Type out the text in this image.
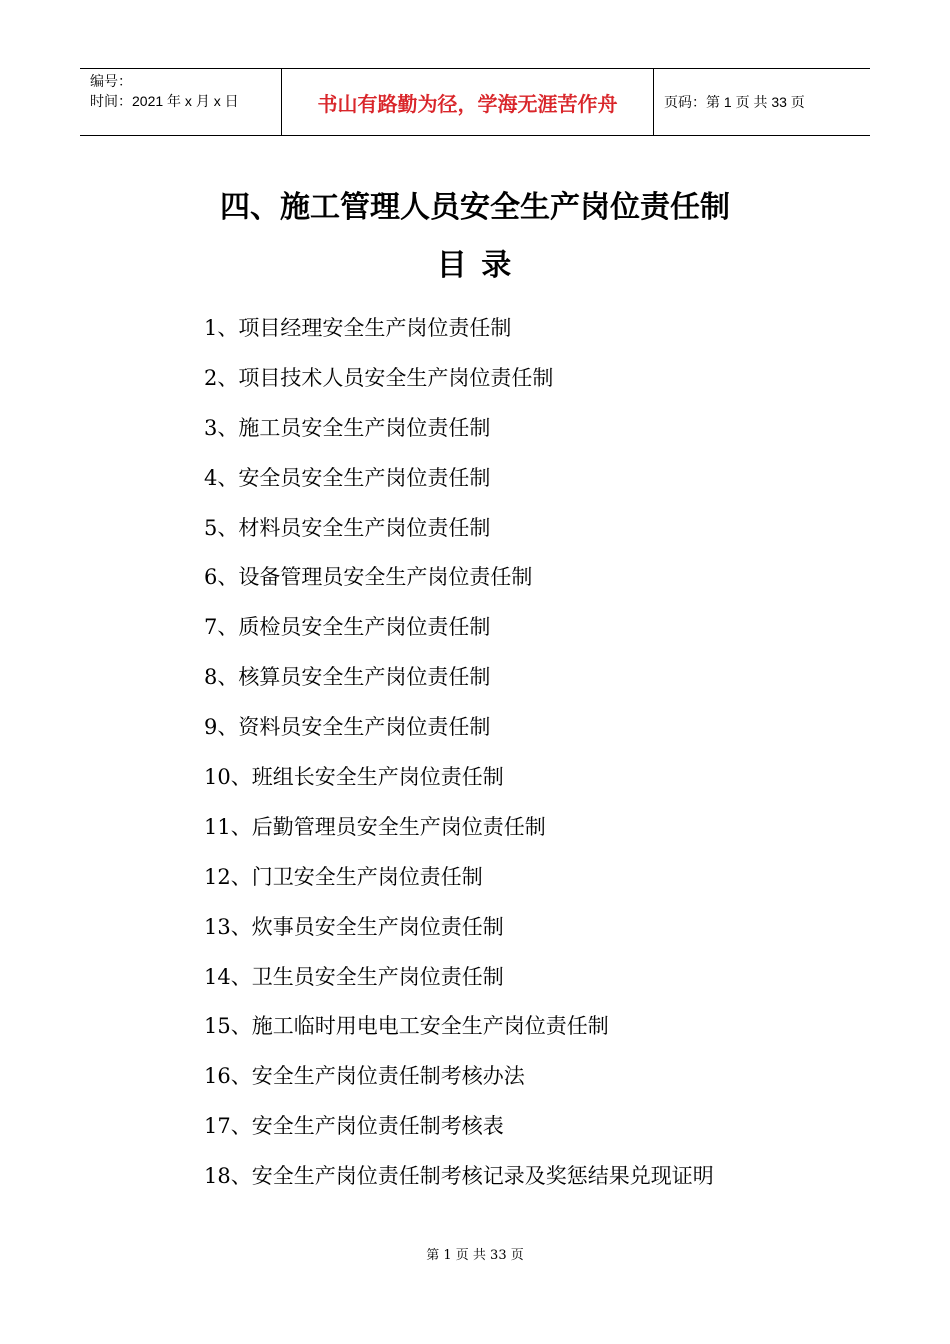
编号：
时间：2021 年 x 月 x 日	书山有路勤为径，学海无涯苦作舟	页码：第 1 页 共 33 页
四、施工管理人员安全生产岗位责任制
目 录
1、项目经理安全生产岗位责任制
2、项目技术人员安全生产岗位责任制
3、施工员安全生产岗位责任制
4、安全员安全生产岗位责任制
5、材料员安全生产岗位责任制
6、设备管理员安全生产岗位责任制
7、质检员安全生产岗位责任制
8、核算员安全生产岗位责任制
9、资料员安全生产岗位责任制
10、班组长安全生产岗位责任制
11、后勤管理员安全生产岗位责任制
12、门卫安全生产岗位责任制
13、炊事员安全生产岗位责任制
14、卫生员安全生产岗位责任制
15、施工临时用电电工安全生产岗位责任制
16、安全生产岗位责任制考核办法
17、安全生产岗位责任制考核表
18、安全生产岗位责任制考核记录及奖惩结果兑现证明
第 1 页 共 33 页
